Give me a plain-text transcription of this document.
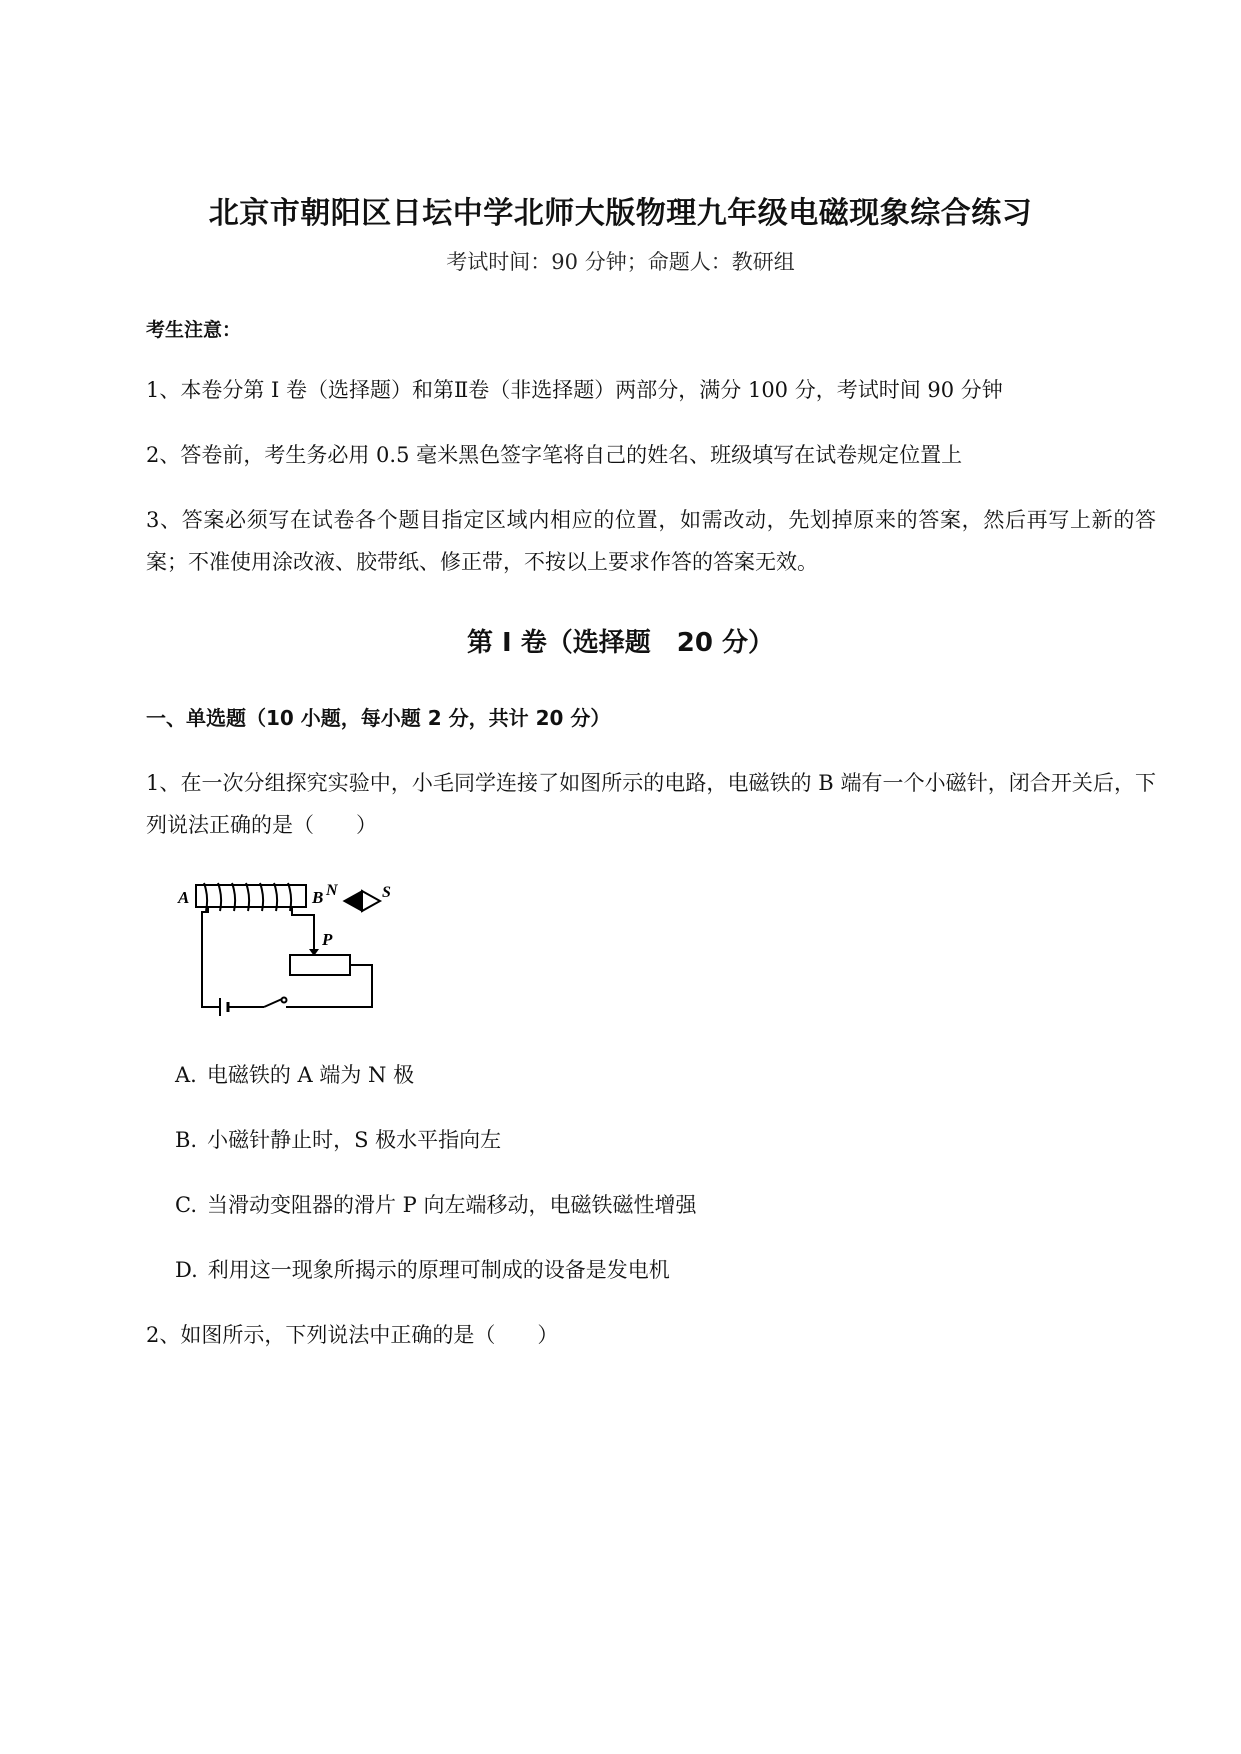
北京市朝阳区日坛中学北师大版物理九年级电磁现象综合练习
考试时间：90 分钟；命题人：教研组
考生注意：
1、本卷分第 I 卷（选择题）和第Ⅱ卷（非选择题）两部分，满分 100 分，考试时间 90 分钟
2、答卷前，考生务必用 0.5 毫米黑色签字笔将自己的姓名、班级填写在试卷规定位置上
3、答案必须写在试卷各个题目指定区域内相应的位置，如需改动，先划掉原来的答案，然后再写上新的答案；不准使用涂改液、胶带纸、修正带，不按以上要求作答的答案无效。
第 I 卷（选择题　20 分）
一、单选题（10 小题，每小题 2 分，共计 20 分）
1、在一次分组探究实验中，小毛同学连接了如图所示的电路，电磁铁的 B 端有一个小磁针，闭合开关后，下列说法正确的是（　　）
A	B N	S
P
A. 电磁铁的 A 端为 N 极
B. 小磁针静止时，S 极水平指向左
C. 当滑动变阻器的滑片 P 向左端移动，电磁铁磁性增强
D. 利用这一现象所揭示的原理可制成的设备是发电机
2、如图所示，下列说法中正确的是（　　）
